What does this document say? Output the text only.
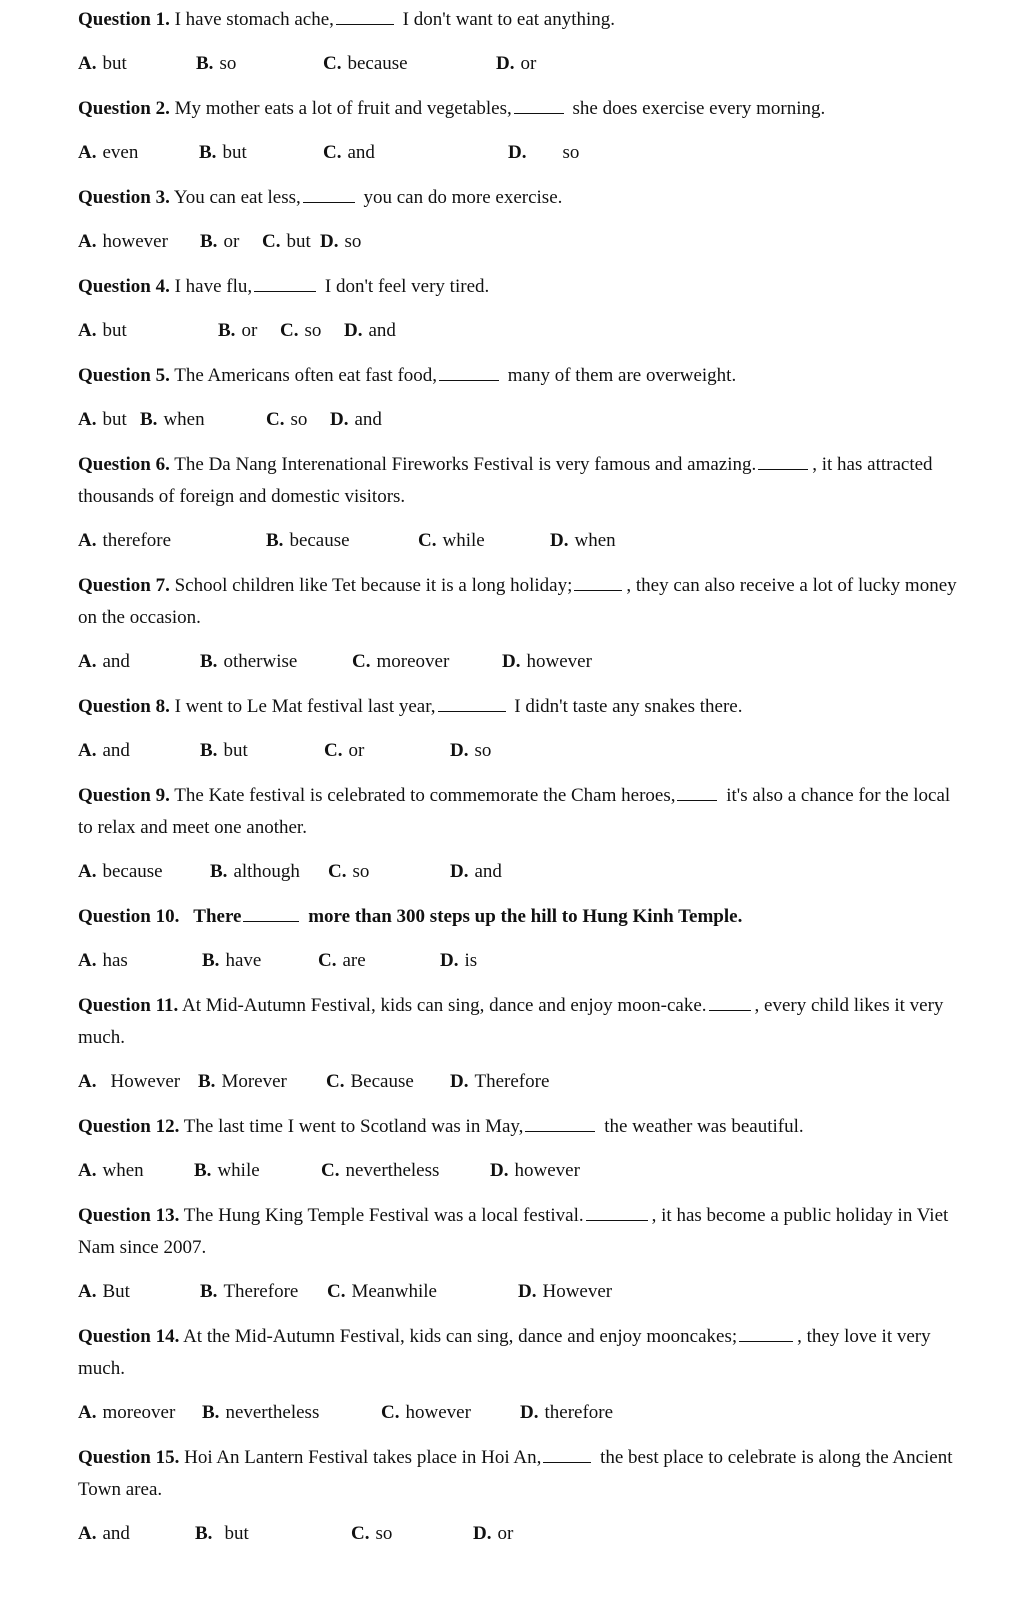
Question 1. I have stomach ache,	I don't want to eat anything.

A. but	B. so	C. because	D. or

Question 2. My mother eats a lot of fruit and vegetables,	she does exercise every morning.

A. even	B. but	C. and	D. so

Question 3. You can eat less,	you can do more exercise.

A. however B. or C. but D. so

Question 4. I have flu,	I don't feel very tired.

A. but	B. or C. so D. and

Question 5. The Americans often eat fast food,	many of them are overweight.

A. but B. when	C. so D. and

Question 6. The Da Nang Interenational Fireworks Festival is very famous and amazing.	, it has attracted thousands of foreign and domestic visitors.

A. therefore	B. because	C. while	D. when

Question 7. School children like Tet because it is a long holiday;	, they can also receive a lot of lucky money on the occasion.

A. and	B. otherwise	C. moreover	D. however

Question 8. I went to Le Mat festival last year,	I didn't taste any snakes there.

A. and	B. but	C. or	D. so

Question 9. The Kate festival is celebrated to commemorate the Cham heroes,	it's also a chance for the local to relax and meet one another.

A. because B. although C. so	D. and

Question 10. There	more than 300 steps up the hill to Hung Kinh Temple.

A. has	B. have	C. are	D. is

Question 11. At Mid-Autumn Festival, kids can sing, dance and enjoy moon-cake.	, every child likes it very much.

A. However B. Morever C. Because D. Therefore

Question 12. The last time I went to Scotland was in May,	the weather was beautiful.

A. when	B. while	C. nevertheless	D. however

Question 13. The Hung King Temple Festival was a local festival.	, it has become a public holiday in Viet Nam since 2007.

A. But	B. Therefore C. Meanwhile	D. However

Question 14. At the Mid-Autumn Festival, kids can sing, dance and enjoy mooncakes;	, they love it very much.

A. moreover B. nevertheless	C. however	D. therefore

Question 15. Hoi An Lantern Festival takes place in Hoi An,	the best place to celebrate is along the Ancient Town area.

A. and	B. but	C. so	D. or
